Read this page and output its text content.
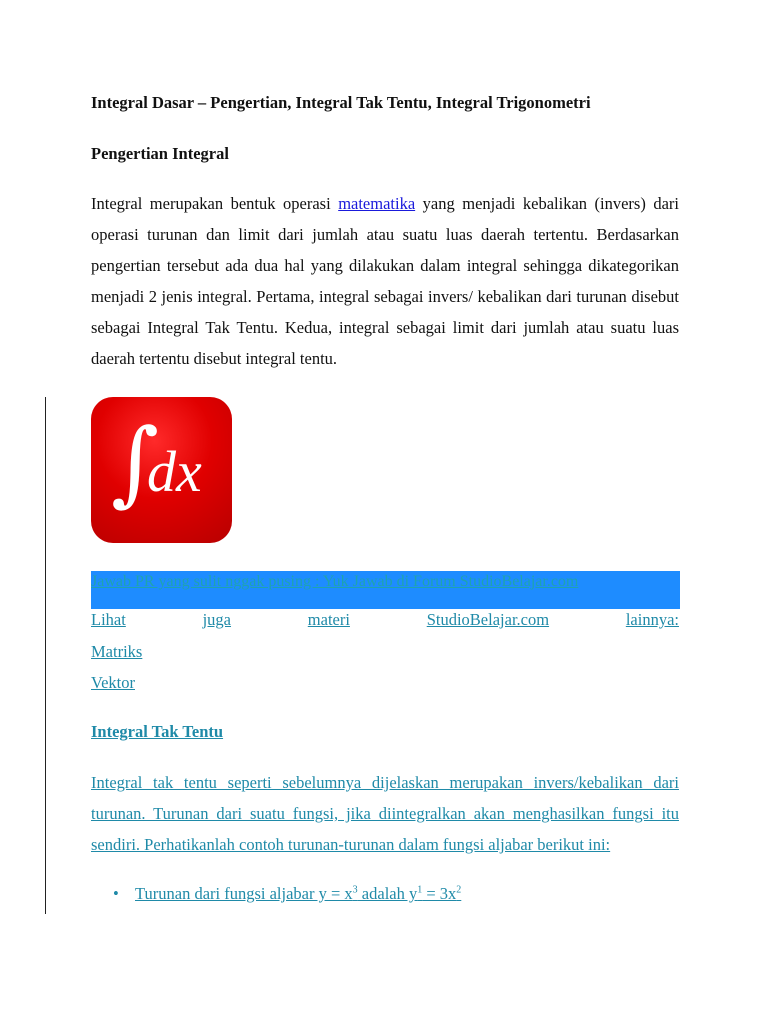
Integral Dasar – Pengertian, Integral Tak Tentu, Integral Trigonometri
Pengertian Integral

Integral merupakan bentuk operasi matematika yang menjadi kebalikan (invers) dari operasi turunan dan limit dari jumlah atau suatu luas daerah tertentu. Berdasarkan pengertian tersebut ada dua hal yang dilakukan dalam integral sehingga dikategorikan menjadi 2 jenis integral. Pertama, integral sebagai invers/ kebalikan dari turunan disebut sebagai Integral Tak Tentu. Kedua, integral sebagai limit dari jumlah atau suatu luas daerah tertentu disebut integral tentu.

∫
dx
Jawab PR yang sulit nggak pusing : Yuk Jawab di Forum StudioBelajar.com
Lihat	juga	materi	StudioBelajar.com	lainnya:
Matriks
Vektor
Integral Tak Tentu

Integral tak tentu seperti sebelumnya dijelaskan merupakan invers/kebalikan dari turunan. Turunan dari suatu fungsi, jika diintegralkan akan menghasilkan fungsi itu sendiri. Perhatikanlah contoh turunan-turunan dalam fungsi aljabar berikut ini:

• Turunan dari fungsi aljabar $y = x^3$ adalah $y^1 = 3x^2$
